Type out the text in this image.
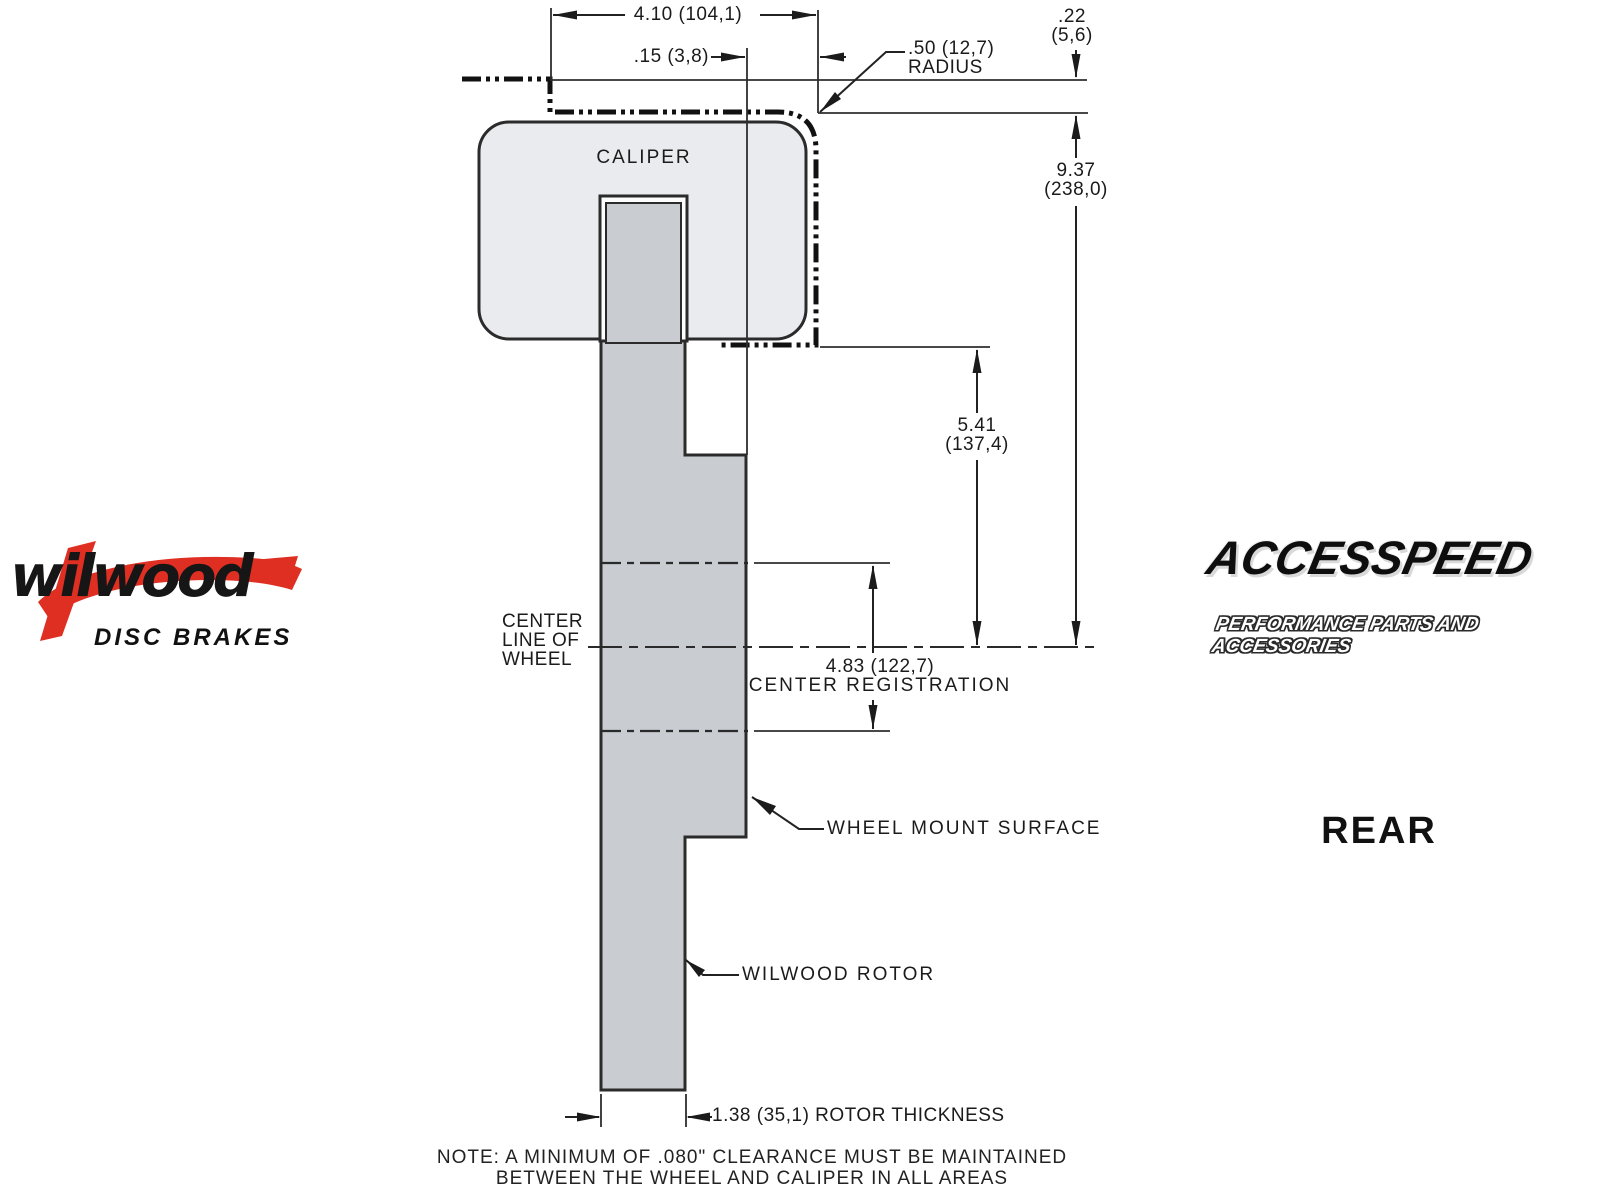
4.10 (104,1)
.15 (3,8)
.22
(5,6)
.50 (12,7)
RADIUS
CALIPER
9.37
(238,0)
5.41
(137,4)
CENTER
LINE OF
WHEEL	4.83 (122,7)
CENTER REGISTRATION
WHEEL MOUNT SURFACE
WILWOOD ROTOR
1.38 (35,1) ROTOR THICKNESS
NOTE: A MINIMUM OF .080" CLEARANCE MUST BE MAINTAINED
BETWEEN THE WHEEL AND CALIPER IN ALL AREAS
wilwood
DISC BRAKES
ACCESSPEED
PERFORMANCE PARTS AND ACCESSORIES
REAR
